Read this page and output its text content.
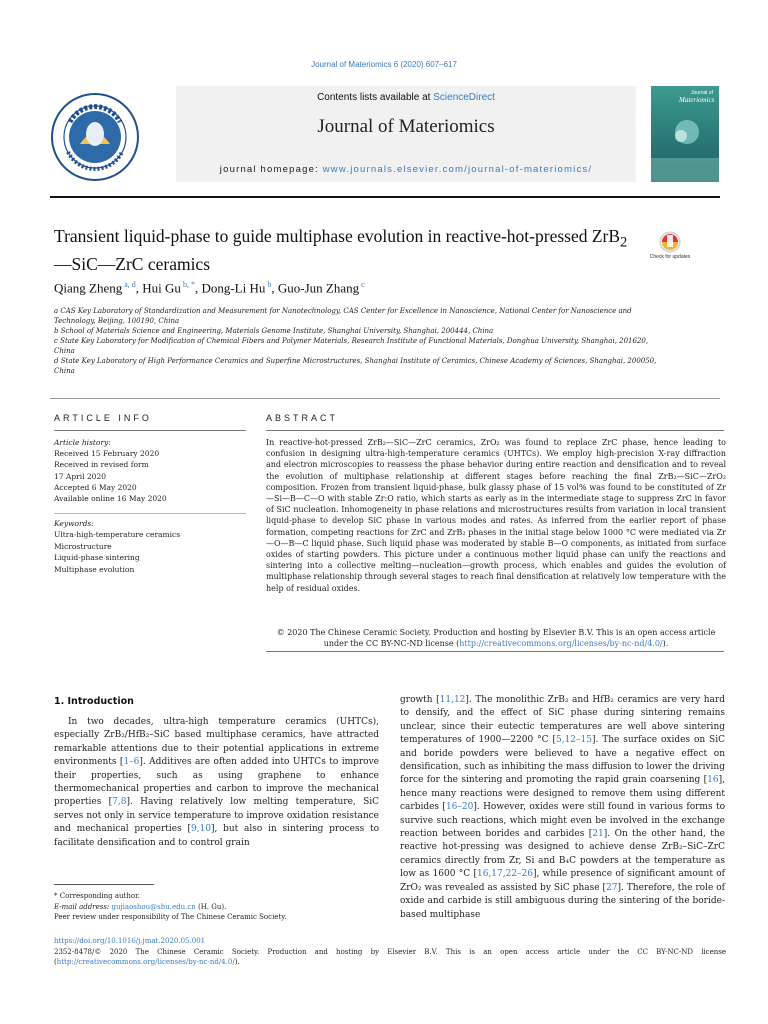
Journal of Materiomics 6 (2020) 607–617
Contents lists available at ScienceDirect
Journal of Materiomics
journal homepage: www.journals.elsevier.com/journal-of-materiomics/
Journal of
Materiomics
Transient liquid-phase to guide multiphase evolution in reactive-hot-pressed ZrB$_2$—SiC—ZrC ceramics	Check for updates
Qiang Zheng $^{a, d}$, Hui Gu $^{b, *}$, Dong-Li Hu $^b$, Guo-Jun Zhang $^c$
a CAS Key Laboratory of Standardization and Measurement for Nanotechnology, CAS Center for Excellence in Nanoscience, National Center for Nanoscience and Technology, Beijing, 100190, China
b School of Materials Science and Engineering, Materials Genome Institute, Shanghai University, Shanghai, 200444, China
c State Key Laboratory for Modification of Chemical Fibers and Polymer Materials, Research Institute of Functional Materials, Donghua University, Shanghai, 201620, China
d State Key Laboratory of High Performance Ceramics and Superfine Microstructures, Shanghai Institute of Ceramics, Chinese Academy of Sciences, Shanghai, 200050, China
ARTICLE INFO	ABSTRACT
Article history:
Received 15 February 2020
Received in revised form
17 April 2020
Accepted 6 May 2020
Available online 16 May 2020
Keywords:
Ultra-high-temperature ceramics
Microstructure
Liquid-phase sintering
Multiphase evolution
In reactive-hot-pressed ZrB₂—SiC—ZrC ceramics, ZrO₂ was found to replace ZrC phase, hence leading to confusion in designing ultra-high-temperature ceramics (UHTCs). We employ high-precision X-ray diffraction and electron microscopies to reassess the phase behavior during entire reaction and densification and to reveal the evolution of multiphase relationship at different stages before reaching the final ZrB₂—SiC—ZrO₂ composition. Frozen from transient liquid-phase, bulk glassy phase of 15 vol% was found to be constituted of Zr—Si—B—C—O with stable Zr:O ratio, which starts as early as in the intermediate stage to suppress ZrC in favor of SiC nucleation. Inhomogeneity in phase relations and microstructures results from variation in local transient liquid-phase to develop SiC phase in various modes and rates. As inferred from the earlier report of phase formation, competing reactions for ZrC and ZrB₂ phases in the initial stage below 1000 °C were mediated via Zr—O—B—C liquid phase. Such liquid phase was moderated by stable B—O components, as initiated from surface oxides of starting powders. This picture under a continuous mother liquid phase can unify the reactions and sintering into a collective melting—nucleation—growth process, which enables and guides the evolution of multiphase relationship through several stages to reach final densification at relatively low temperature with the help of residual oxides.
© 2020 The Chinese Ceramic Society. Production and hosting by Elsevier B.V. This is an open access article under the CC BY-NC-ND license (http://creativecommons.org/licenses/by-nc-nd/4.0/).
1. Introduction
In two decades, ultra-high temperature ceramics (UHTCs), especially ZrB₂/HfB₂–SiC based multiphase ceramics, have attracted remarkable attentions due to their potential applications in extreme environments [1–6]. Additives are often added into UHTCs to improve their properties, such as using graphene to enhance thermomechanical properties and carbon to improve the mechanical properties [7,8]. Having relatively low melting temperature, SiC serves not only in service temperature to improve oxidation resistance and mechanical properties [9,10], but also in sintering process to facilitate densification and to control grain
growth [11,12]. The monolithic ZrB₂ and HfB₂ ceramics are very hard to densify, and the effect of SiC phase during sintering remains unclear, since their eutectic temperatures are well above sintering temperatures of 1900—2200 °C [5,12–15]. The surface oxides on SiC and boride powders were believed to have a negative effect on densification, such as inhibiting the mass diffusion to lower the driving force for the sintering and promoting the rapid grain coarsening [16], hence many reactions were designed to remove them using different carbides [16–20]. However, oxides were still found in various forms to survive such reactions, which might even be involved in the exchange reaction between borides and carbides [21]. On the other hand, the reactive hot-pressing was designed to achieve dense ZrB₂–SiC–ZrC ceramics directly from Zr, Si and B₄C powders at the temperature as low as 1600 °C [16,17,22–26], while presence of significant amount of ZrO₂ was revealed as assisted by SiC phase [27]. Therefore, the role of oxide and carbide is still ambiguous during the sintering of the boride-based multiphase
* Corresponding author.
E-mail address: gujiaoshou@shu.edu.cn (H. Gu).
Peer review under responsibility of The Chinese Ceramic Society.
https://doi.org/10.1016/j.jmat.2020.05.001
2352-8478/© 2020 The Chinese Ceramic Society. Production and hosting by Elsevier B.V. This is an open access article under the CC BY-NC-ND license (http://creativecommons.org/licenses/by-nc-nd/4.0/).
